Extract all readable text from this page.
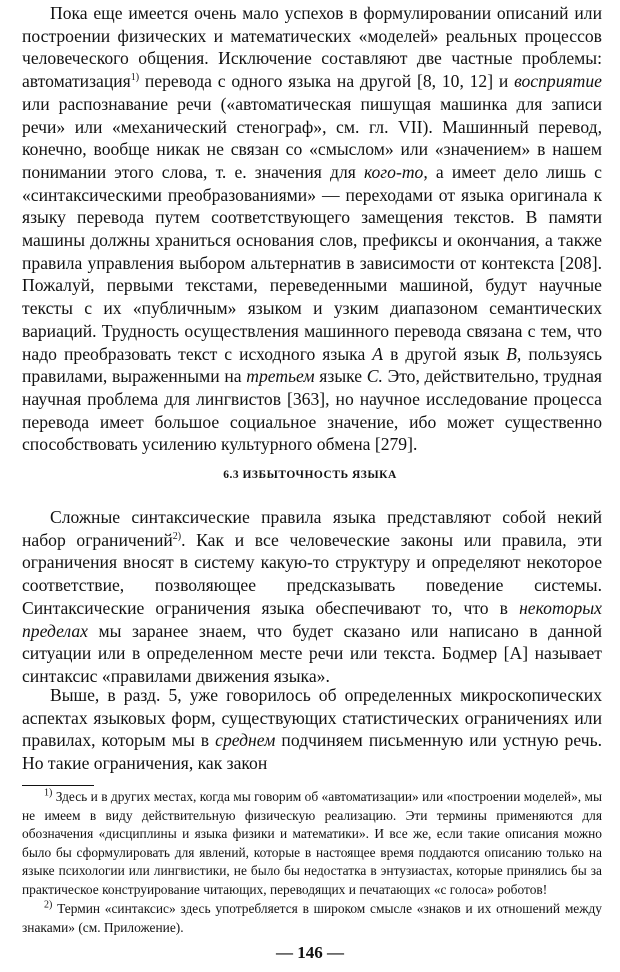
Пока еще имеется очень мало успехов в формулировании описаний или построении физических и математических «моделей» реальных процессов человеческого общения. Исключение составляют две частные проблемы: автоматизация$^{1)}$ перевода с одного языка на другой [8, 10, 12] и восприятие или распознавание речи («автоматическая пишущая машинка для записи речи» или «механический стенограф», см. гл. VII). Машинный перевод, конечно, вообще никак не связан со «смыслом» или «значением» в нашем понимании этого слова, т. е. значения для кого-то, а имеет дело лишь с «синтаксическими преобразованиями» — переходами от языка оригинала к языку перевода путем соответствующего замещения текстов. В памяти машины должны храниться основания слов, префиксы и окончания, а также правила управления выбором альтернатив в зависимости от контекста [208]. Пожалуй, первыми текстами, переведенными машиной, будут научные тексты с их «публичным» языком и узким диапазоном семантических вариаций. Трудность осуществления машинного перевода связана с тем, что надо преобразовать текст с исходного языка A в другой язык B, пользуясь правилами, выраженными на третьем языке C. Это, действительно, трудная научная проблема для лингвистов [363], но научное исследование процесса перевода имеет большое социальное значение, ибо может существенно способствовать усилению культурного обмена [279].

6.3 ИЗБЫТОЧНОСТЬ ЯЗЫКА

Сложные синтаксические правила языка представляют собой некий набор ограничений$^{2)}$. Как и все человеческие законы или правила, эти ограничения вносят в систему какую-то структуру и определяют некоторое соответствие, позволяющее предсказывать поведение системы. Синтаксические ограничения языка обеспечивают то, что в некоторых пределах мы заранее знаем, что будет сказано или написано в данной ситуации или в определенном месте речи или текста. Бодмер [A] называет синтаксис «правилами движения языка».

Выше, в разд. 5, уже говорилось об определенных микроскопических аспектах языковых форм, существующих статистических ограничениях или правилах, которым мы в среднем подчиняем письменную или устную речь. Но такие ограничения, как закон

$^{1)}$ Здесь и в других местах, когда мы говорим об «автоматизации» или «построении моделей», мы не имеем в виду действительную физическую реализацию. Эти термины применяются для обозначения «дисциплины и языка физики и математики». И все же, если такие описания можно было бы сформулировать для явлений, которые в настоящее время поддаются описанию только на языке психологии или лингвистики, не было бы недостатка в энтузиастах, которые принялись бы за практическое конструирование читающих, переводящих и печатающих «с голоса» роботов!

$^{2)}$ Термин «синтаксис» здесь употребляется в широком смысле «знаков и их отношений между знаками» (см. Приложение).

— 146 —
